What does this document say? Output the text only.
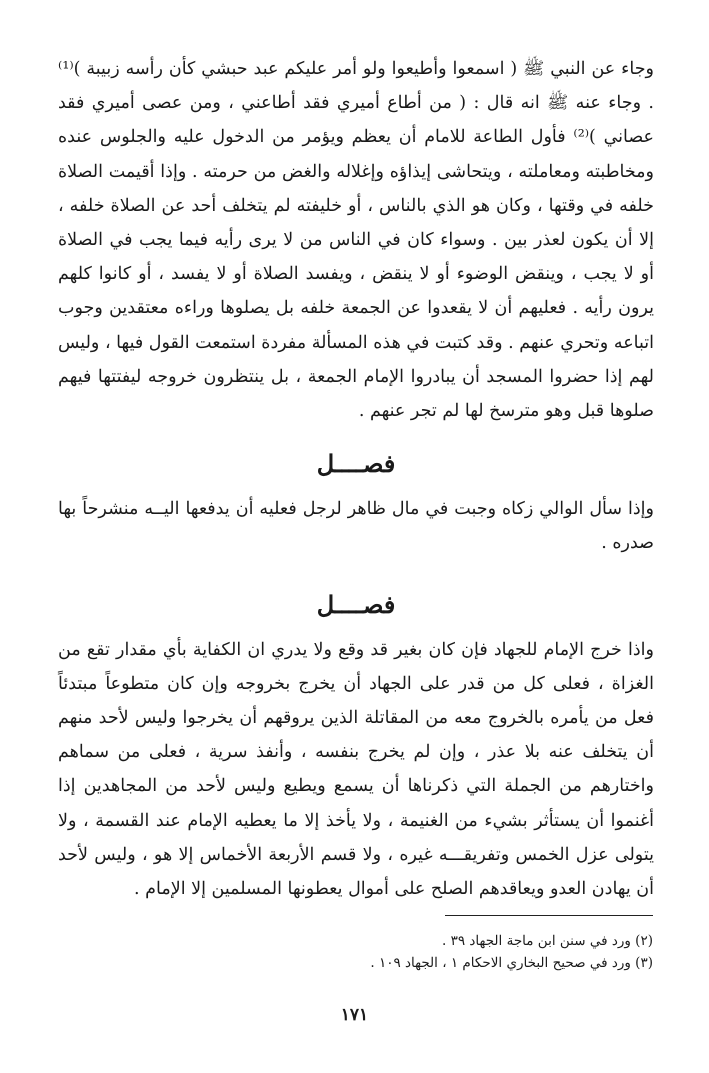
وجاء عن النبي ﷺ ( اسمعوا وأطيعوا ولو أمر عليكم عبد حبشي كأن رأسه زبيبة )⁽¹⁾ . وجاء عنه ﷺ انه قال : ( من أطاع أميري فقد أطاعني ، ومن عصى أميري فقد عصاني )⁽²⁾ فأول الطاعة للامام أن يعظم ويؤمر من الدخول عليه والجلوس عنده ومخاطبته ومعاملته ، ويتحاشى إيذاؤه وإغلاله والغض من حرمته . وإذا أقيمت الصلاة خلفه في وقتها ، وكان هو الذي بالناس ، أو خليفته لم يتخلف أحد عن الصلاة خلفه ، إلا أن يكون لعذر بين . وسواء كان في الناس من لا يرى رأيه فيما يجب في الصلاة أو لا يجب ، وينقض الوضوء أو لا ينقض ، ويفسد الصلاة أو لا يفسد ، أو كانوا كلهم يرون رأيه . فعليهم أن لا يقعدوا عن الجمعة خلفه بل يصلوها وراءه معتقدين وجوب اتباعه وتحري عنهم . وقد كتبت في هذه المسألة مفردة استمعت القول فيها ، وليس لهم إذا حضروا المسجد أن يبادروا الإمام الجمعة ، بل ينتظرون خروجه ليفتتها فيهم صلوها قبل وهو مترسخ لها لم تجر عنهم .

فصــــل

وإذا سأل الوالي زكاه وجبت في مال ظاهر لرجل فعليه أن يدفعها اليــه منشرحاً بها صدره .

فصــــل

واذا خرج الإمام للجهاد فإن كان بغير قد وقع ولا يدري ان الكفاية بأي مقدار تقع من الغزاة ، فعلى كل من قدر على الجهاد أن يخرج بخروجه وإن كان متطوعاً مبتدئاً فعل من يأمره بالخروج معه من المقاتلة الذين يروقهم أن يخرجوا وليس لأحد منهم أن يتخلف عنه بلا عذر ، وإن لم يخرج بنفسه ، وأنفذ سرية ، فعلى من سماهم واختارهم من الجملة التي ذكرناها أن يسمع ويطيع وليس لأحد من المجاهدين إذا أغنموا أن يستأثر بشيء من الغنيمة ، ولا يأخذ إلا ما يعطيه الإمام عند القسمة ، ولا يتولى عزل الخمس وتفريقـــه غيره ، ولا قسم الأربعة الأخماس إلا هو ، وليس لأحد أن يهادن العدو ويعاقدهم الصلح على أموال يعطونها المسلمين إلا الإمام .

(٢) ورد في سنن ابن ماجة الجهاد ٣٩ .
(٣) ورد في صحيح البخاري الاحكام ١ ، الجهاد ١٠٩ .
١٧١
